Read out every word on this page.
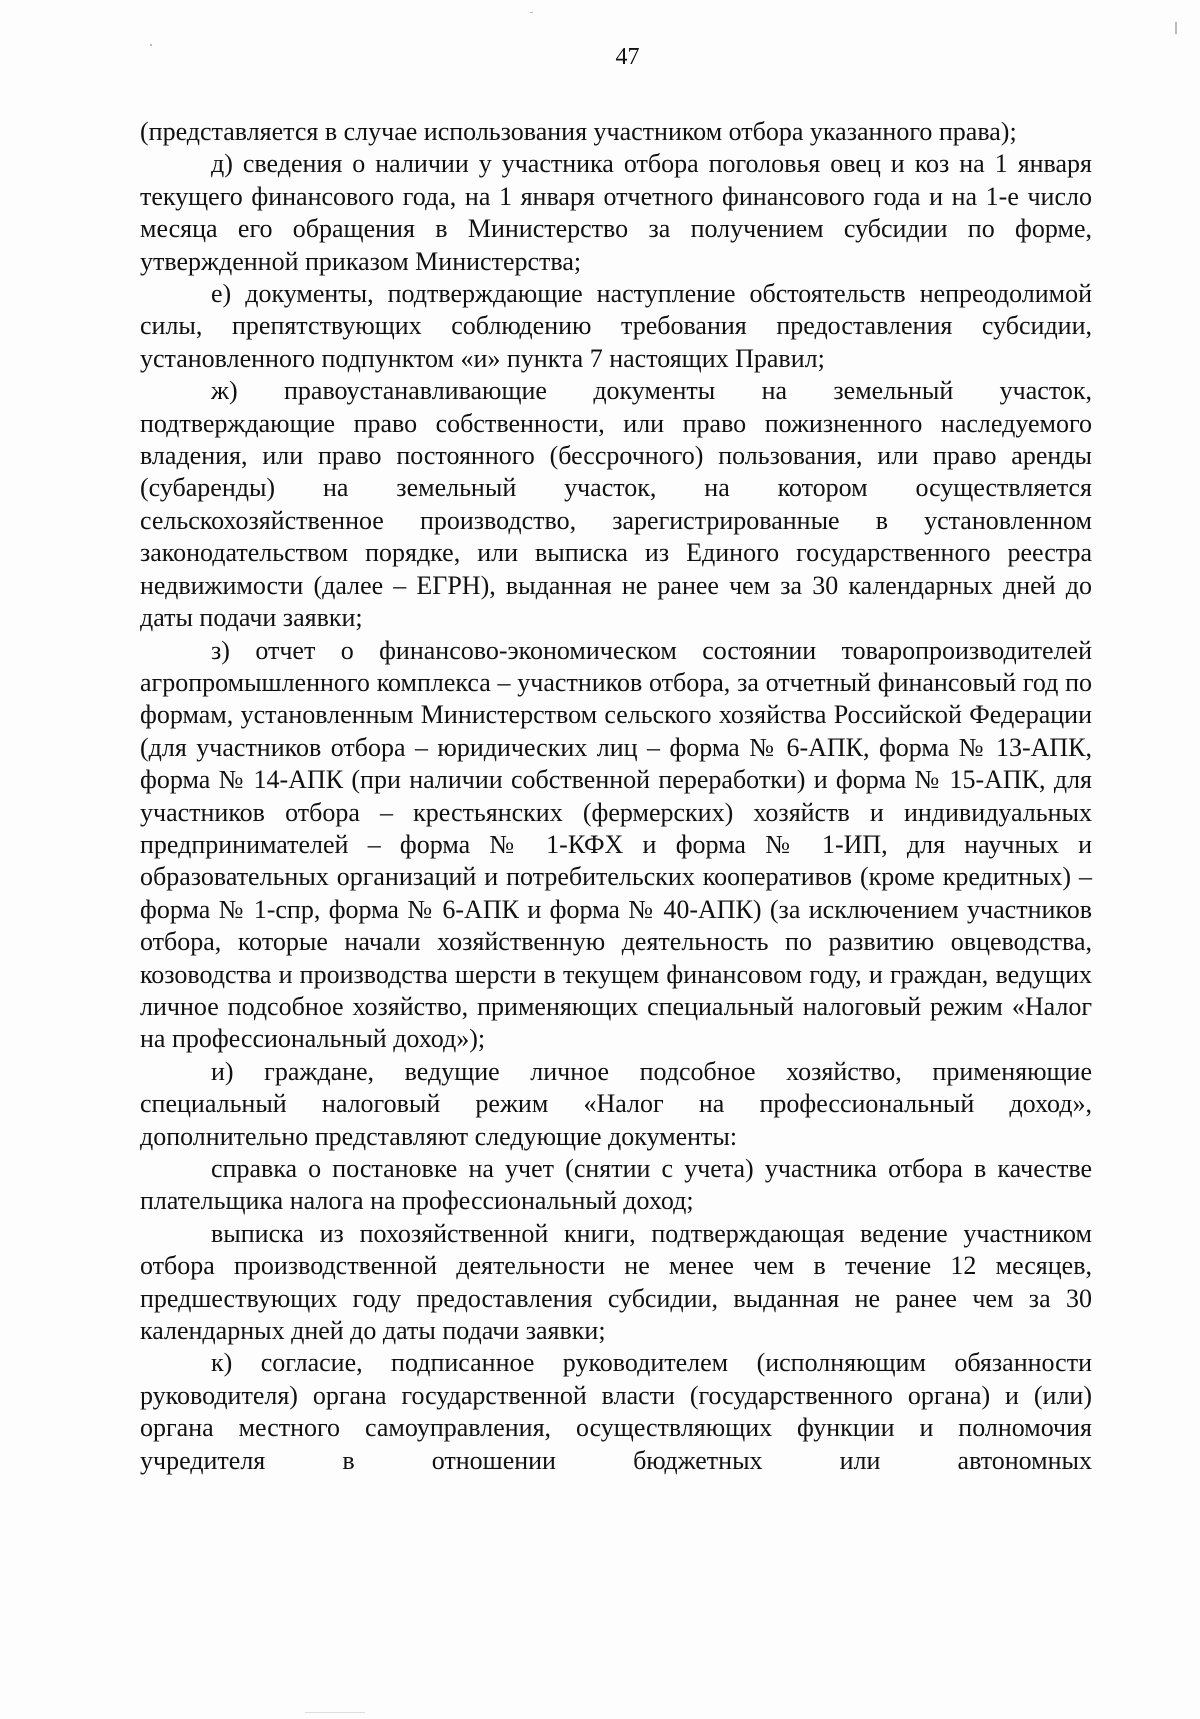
47

(представляется в случае использования участником отбора указанного права);

д) сведения о наличии у участника отбора поголовья овец и коз на 1 января текущего финансового года, на 1 января отчетного финансового года и на 1-е число месяца его обращения в Министерство за получением субсидии по форме, утвержденной приказом Министерства;

е) документы, подтверждающие наступление обстоятельств непреодолимой силы, препятствующих соблюдению требования предоставления субсидии, установленного подпунктом «и» пункта 7 настоящих Правил;

ж) правоустанавливающие документы на земельный участок, подтверждающие право собственности, или право пожизненного наследуемого владения, или право постоянного (бессрочного) пользования, или право аренды (субаренды) на земельный участок, на котором осуществляется сельскохозяйственное производство, зарегистрированные в установленном законодательством порядке, или выписка из Единого государственного реестра недвижимости (далее – ЕГРН), выданная не ранее чем за 30 календарных дней до даты подачи заявки;

з) отчет о финансово-экономическом состоянии товаропроизводителей агропромышленного комплекса – участников отбора, за отчетный финансовый год по формам, установленным Министерством сельского хозяйства Российской Федерации (для участников отбора – юридических лиц – форма № 6-АПК, форма № 13-АПК, форма № 14-АПК (при наличии собственной переработки) и форма № 15-АПК, для участников отбора – крестьянских (фермерских) хозяйств и индивидуальных предпринимателей – форма № 1-КФХ и форма № 1-ИП, для научных и образовательных организаций и потребительских кооперативов (кроме кредитных) – форма № 1-спр, форма № 6-АПК и форма № 40-АПК) (за исключением участников отбора, которые начали хозяйственную деятельность по развитию овцеводства, козоводства и производства шерсти в текущем финансовом году, и граждан, ведущих личное подсобное хозяйство, применяющих специальный налоговый режим «Налог на профессиональный доход»);

и) граждане, ведущие личное подсобное хозяйство, применяющие специальный налоговый режим «Налог на профессиональный доход», дополнительно представляют следующие документы:

справка о постановке на учет (снятии с учета) участника отбора в качестве плательщика налога на профессиональный доход;

выписка из похозяйственной книги, подтверждающая ведение участником отбора производственной деятельности не менее чем в течение 12 месяцев, предшествующих году предоставления субсидии, выданная не ранее чем за 30 календарных дней до даты подачи заявки;

к) согласие, подписанное руководителем (исполняющим обязанности руководителя) органа государственной власти (государственного органа) и (или) органа местного самоуправления, осуществляющих функции и полномочия учредителя в отношении бюджетных или автономных
